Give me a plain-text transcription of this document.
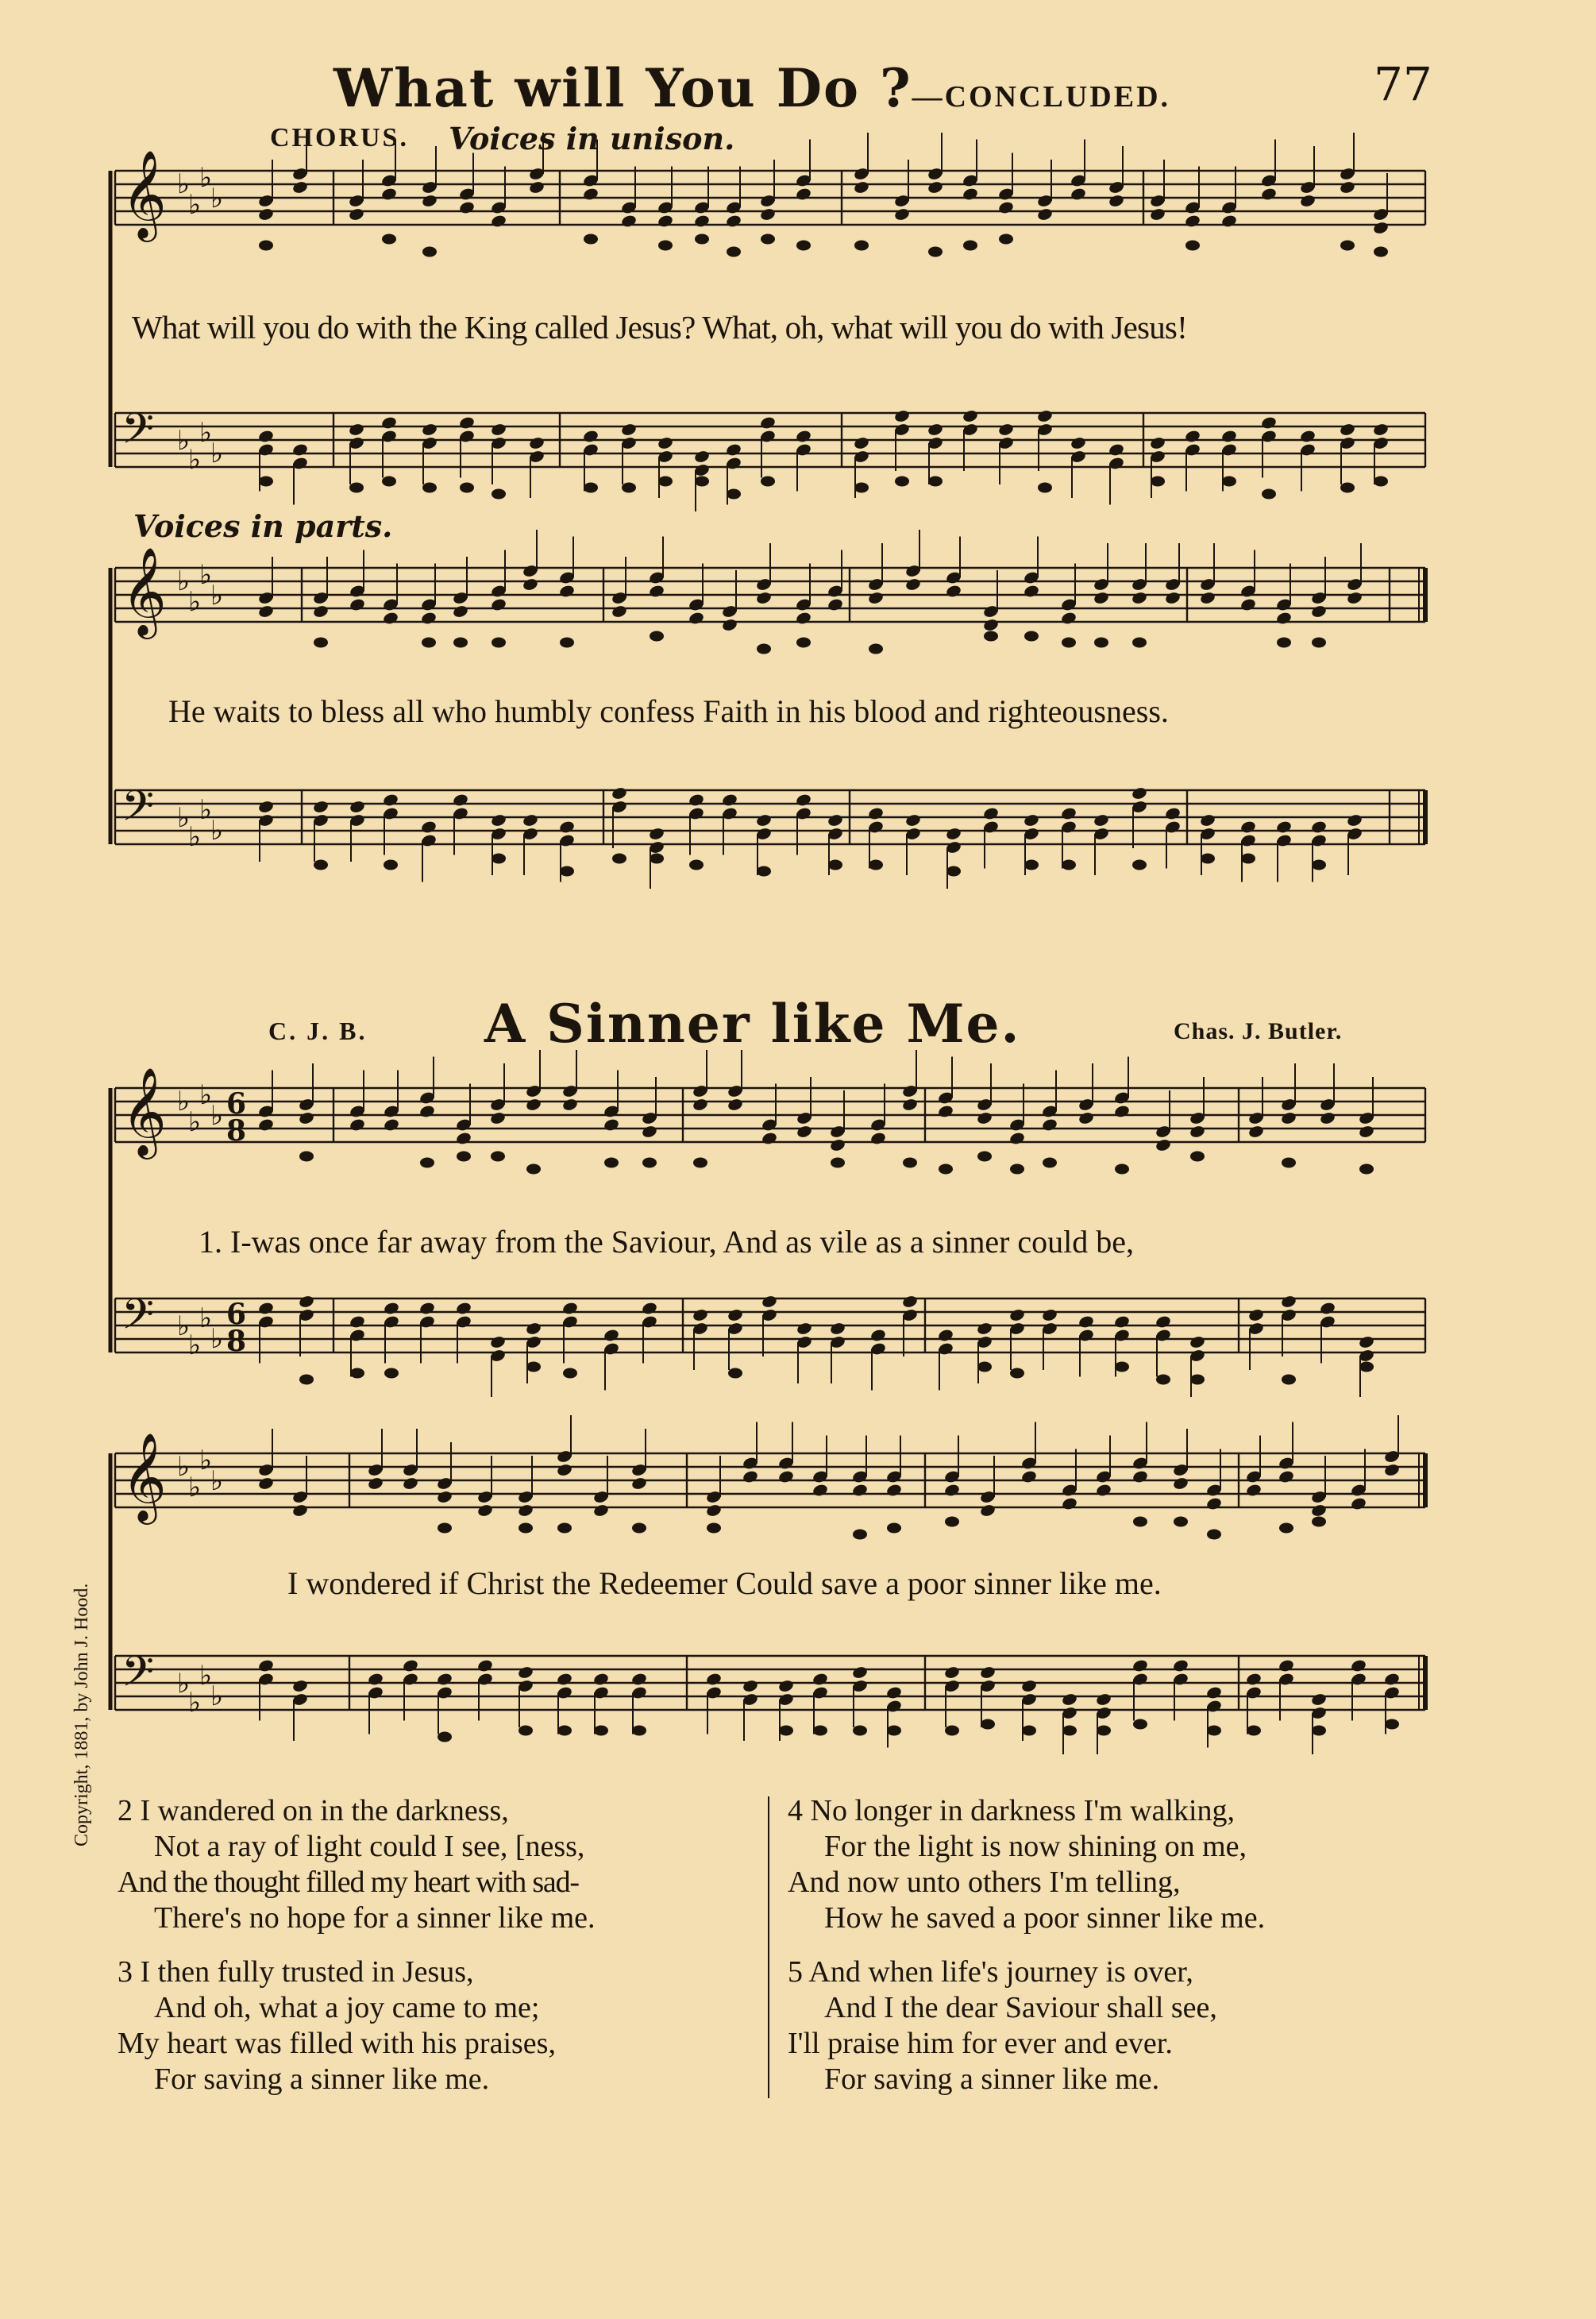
𝄞 ♭
♭
♭
♭
𝄢 ♭
♭
♭
♭
𝄞 ♭
♭
♭
♭
𝄢 ♭
♭
♭
♭
𝄞 ♭
♭
♭
♭ 6
8
𝄢 ♭
♭
♭
♭
6
8
𝄞 ♭
♭
♭
♭
𝄢 ♭
♭
♭
♭
What will You Do ?—CONCLUDED.	77
CHORUS. Voices in unison.
What will you do with the King called Jesus? What, oh, what will you do with Jesus!
Voices in parts.
He waits to bless all who humbly confess Faith in his blood and righteousness.
C. J. B. A Sinner like Me.	Chas. J. Butler.
1. I-was once far away from the Saviour, And as vile as a sinner could be,
I wondered if Christ the Redeemer Could save a poor sinner like me.
Copyright, 1881, by John J. Hood. 2 I wandered on in the darkness,
Not a ray of light could I see, [ness,
And the thought filled my heart with sad-
There's no hope for a sinner like me.
3 I then fully trusted in Jesus,
And oh, what a joy came to me;
My heart was filled with his praises,
For saving a sinner like me.
4 No longer in darkness I'm walking,
For the light is now shining on me,
And now unto others I'm telling,
How he saved a poor sinner like me.
5 And when life's journey is over,
And I the dear Saviour shall see,
I'll praise him for ever and ever.
For saving a sinner like me.
